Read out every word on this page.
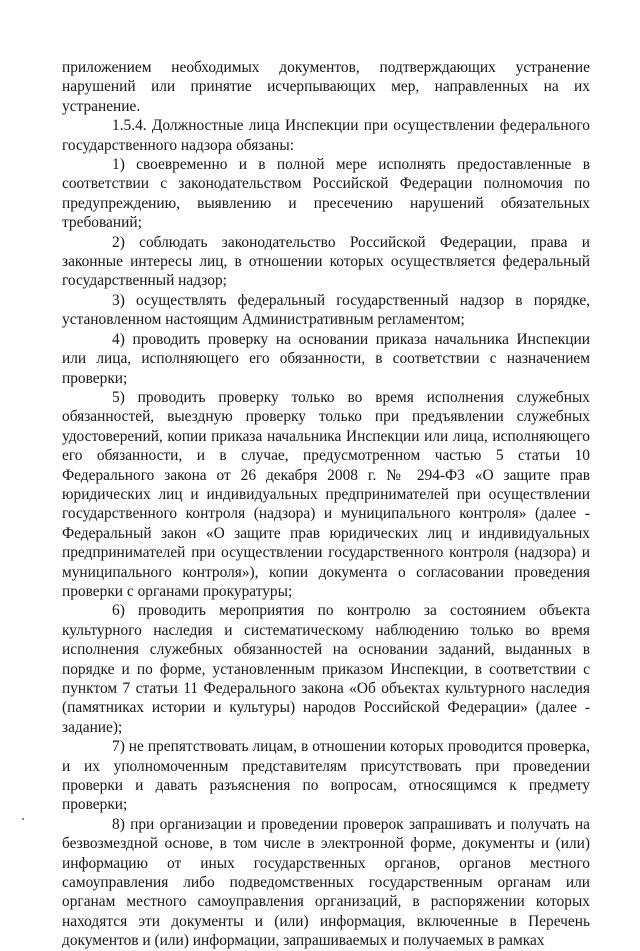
приложением необходимых документов, подтверждающих устранение нарушений или принятие исчерпывающих мер, направленных на их устранение.

1.5.4. Должностные лица Инспекции при осуществлении федерального государственного надзора обязаны:

1) своевременно и в полной мере исполнять предоставленные в соответствии с законодательством Российской Федерации полномочия по предупреждению, выявлению и пресечению нарушений обязательных требований;

2) соблюдать законодательство Российской Федерации, права и законные интересы лиц, в отношении которых осуществляется федеральный государственный надзор;

3) осуществлять федеральный государственный надзор в порядке, установленном настоящим Административным регламентом;

4) проводить проверку на основании приказа начальника Инспекции или лица, исполняющего его обязанности, в соответствии с назначением проверки;

5) проводить проверку только во время исполнения служебных обязанностей, выездную проверку только при предъявлении служебных удостоверений, копии приказа начальника Инспекции или лица, исполняющего его обязанности, и в случае, предусмотренном частью 5 статьи 10 Федерального закона от 26 декабря 2008 г. № 294-ФЗ «О защите прав юридических лиц и индивидуальных предпринимателей при осуществлении государственного контроля (надзора) и муниципального контроля» (далее - Федеральный закон «О защите прав юридических лиц и индивидуальных предпринимателей при осуществлении государственного контроля (надзора) и муниципального контроля»), копии документа о согласовании проведения проверки с органами прокуратуры;

6) проводить мероприятия по контролю за состоянием объекта культурного наследия и систематическому наблюдению только во время исполнения служебных обязанностей на основании заданий, выданных в порядке и по форме, установленным приказом Инспекции, в соответствии с пунктом 7 статьи 11 Федерального закона «Об объектах культурного наследия (памятниках истории и культуры) народов Российской Федерации» (далее - задание);

7) не препятствовать лицам, в отношении которых проводится проверка, и их уполномоченным представителям присутствовать при проведении проверки и давать разъяснения по вопросам, относящимся к предмету проверки;

8) при организации и проведении проверок запрашивать и получать на безвозмездной основе, в том числе в электронной форме, документы и (или) информацию от иных государственных органов, органов местного самоуправления либо подведомственных государственным органам или органам местного самоуправления организаций, в распоряжении которых находятся эти документы и (или) информация, включенные в Перечень документов и (или) информации, запрашиваемых и получаемых в рамках
